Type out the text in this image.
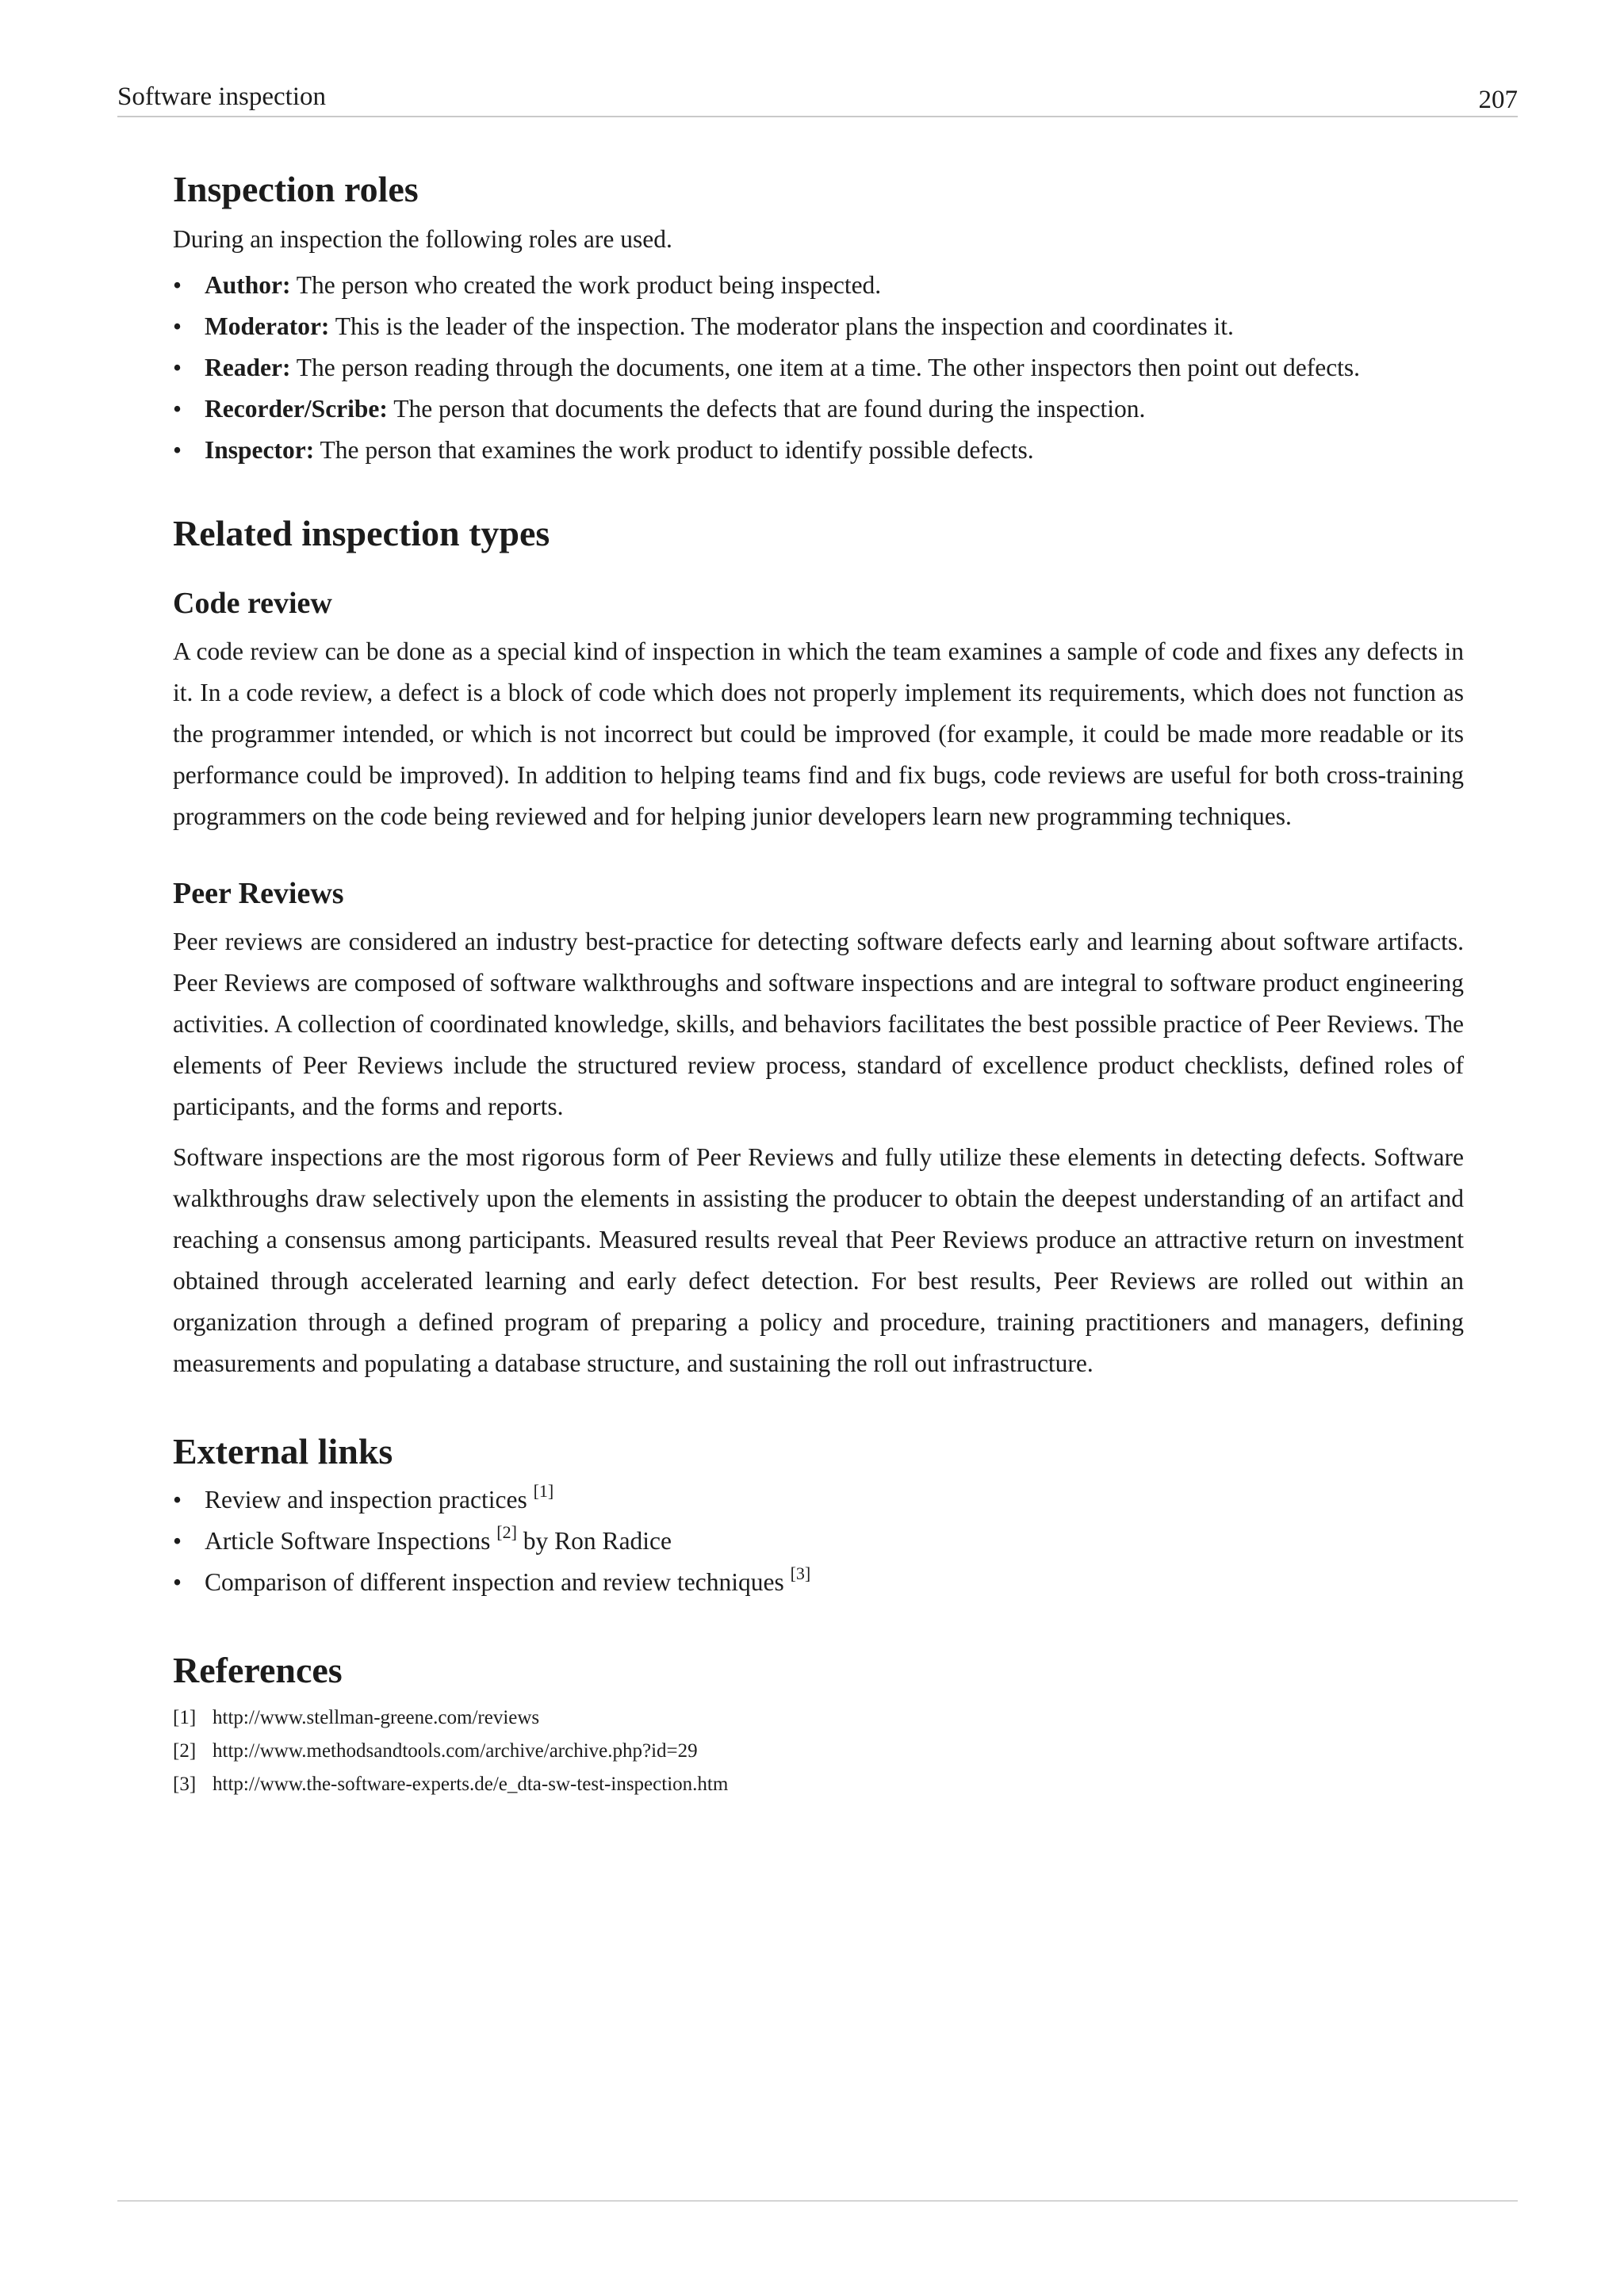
Software inspection	207
Inspection roles

During an inspection the following roles are used.

• Author: The person who created the work product being inspected.
• Moderator: This is the leader of the inspection. The moderator plans the inspection and coordinates it.
• Reader: The person reading through the documents, one item at a time. The other inspectors then point out defects.
• Recorder/Scribe: The person that documents the defects that are found during the inspection.
• Inspector: The person that examines the work product to identify possible defects.
Related inspection types
Code review

A code review can be done as a special kind of inspection in which the team examines a sample of code and fixes any defects in it. In a code review, a defect is a block of code which does not properly implement its requirements, which does not function as the programmer intended, or which is not incorrect but could be improved (for example, it could be made more readable or its performance could be improved). In addition to helping teams find and fix bugs, code reviews are useful for both cross-training programmers on the code being reviewed and for helping junior developers learn new programming techniques.

Peer Reviews

Peer reviews are considered an industry best-practice for detecting software defects early and learning about software artifacts. Peer Reviews are composed of software walkthroughs and software inspections and are integral to software product engineering activities. A collection of coordinated knowledge, skills, and behaviors facilitates the best possible practice of Peer Reviews. The elements of Peer Reviews include the structured review process, standard of excellence product checklists, defined roles of participants, and the forms and reports.

Software inspections are the most rigorous form of Peer Reviews and fully utilize these elements in detecting defects. Software walkthroughs draw selectively upon the elements in assisting the producer to obtain the deepest understanding of an artifact and reaching a consensus among participants. Measured results reveal that Peer Reviews produce an attractive return on investment obtained through accelerated learning and early defect detection. For best results, Peer Reviews are rolled out within an organization through a defined program of preparing a policy and procedure, training practitioners and managers, defining measurements and populating a database structure, and sustaining the roll out infrastructure.

External links
• Review and inspection practices [1]
• Article Software Inspections [2] by Ron Radice
• Comparison of different inspection and review techniques [3]
References
[1] http://www.stellman-greene.com/reviews
[2] http://www.methodsandtools.com/archive/archive.php?id=29
[3] http://www.the-software-experts.de/e_dta-sw-test-inspection.htm
